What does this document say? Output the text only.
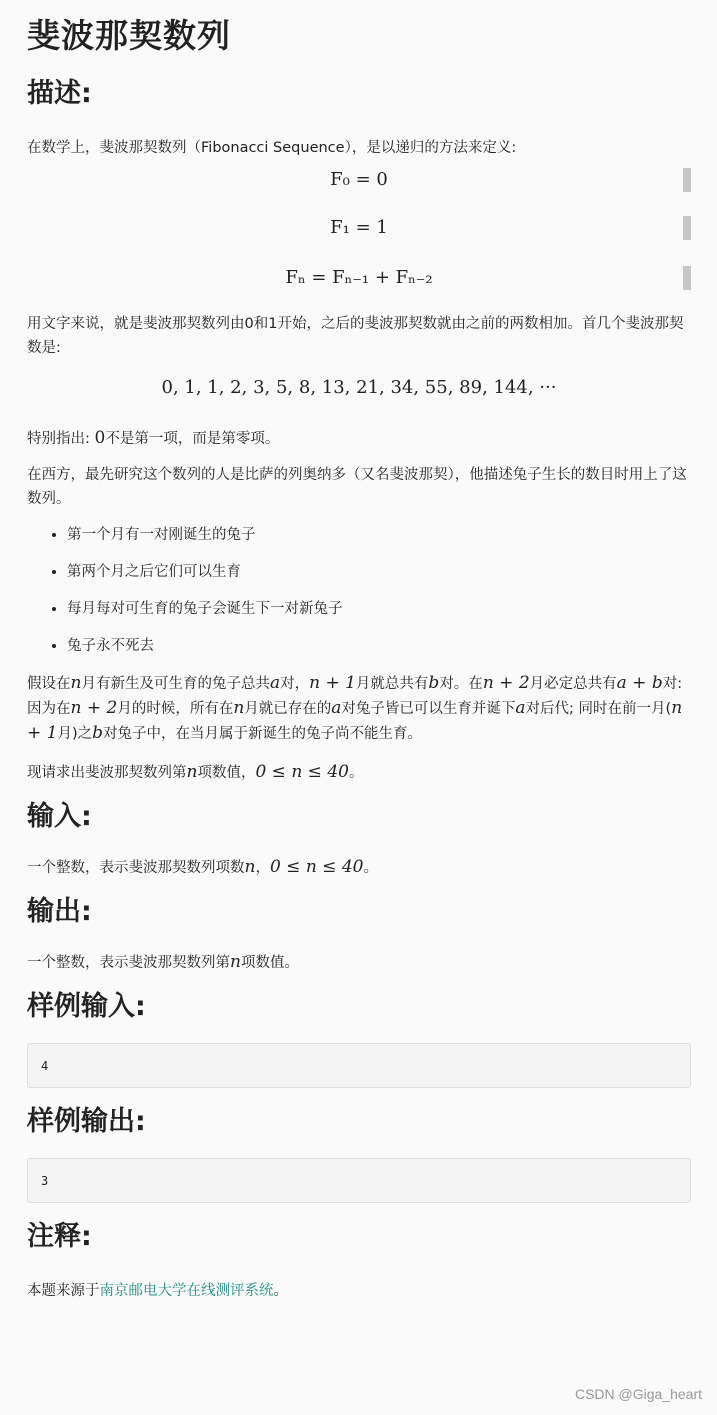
斐波那契数列
描述:

在数学上，斐波那契数列（Fibonacci Sequence），是以递归的方法来定义:

F₀ = 0
F₁ = 1
Fₙ = Fₙ₋₁ + Fₙ₋₂

用文字来说，就是斐波那契数列由0和1开始，之后的斐波那契数就由之前的两数相加。首几个斐波那契数是:

0, 1, 1, 2, 3, 5, 8, 13, 21, 34, 55, 89, 144, ···

特别指出: 0不是第一项，而是第零项。

在西方，最先研究这个数列的人是比萨的列奥纳多（又名斐波那契），他描述兔子生长的数目时用上了这数列。

• 第一个月有一对刚诞生的兔子
• 第两个月之后它们可以生育
• 每月每对可生育的兔子会诞生下一对新兔子
• 兔子永不死去

假设在n月有新生及可生育的兔子总共a对，n + 1月就总共有b对。在n + 2月必定总共有a + b对: 因为在n + 2月的时候，所有在n月就已存在的a对兔子皆已可以生育并诞下a对后代; 同时在前一月(n + 1月)之b对兔子中，在当月属于新诞生的兔子尚不能生育。

现请求出斐波那契数列第n项数值，0 ≤ n ≤ 40。

输入:

一个整数，表示斐波那契数列项数n，0 ≤ n ≤ 40。

输出:

一个整数，表示斐波那契数列第n项数值。

样例输入:
4
样例输出:
3
注释:

本题来源于南京邮电大学在线测评系统。

CSDN @Giga_heart
